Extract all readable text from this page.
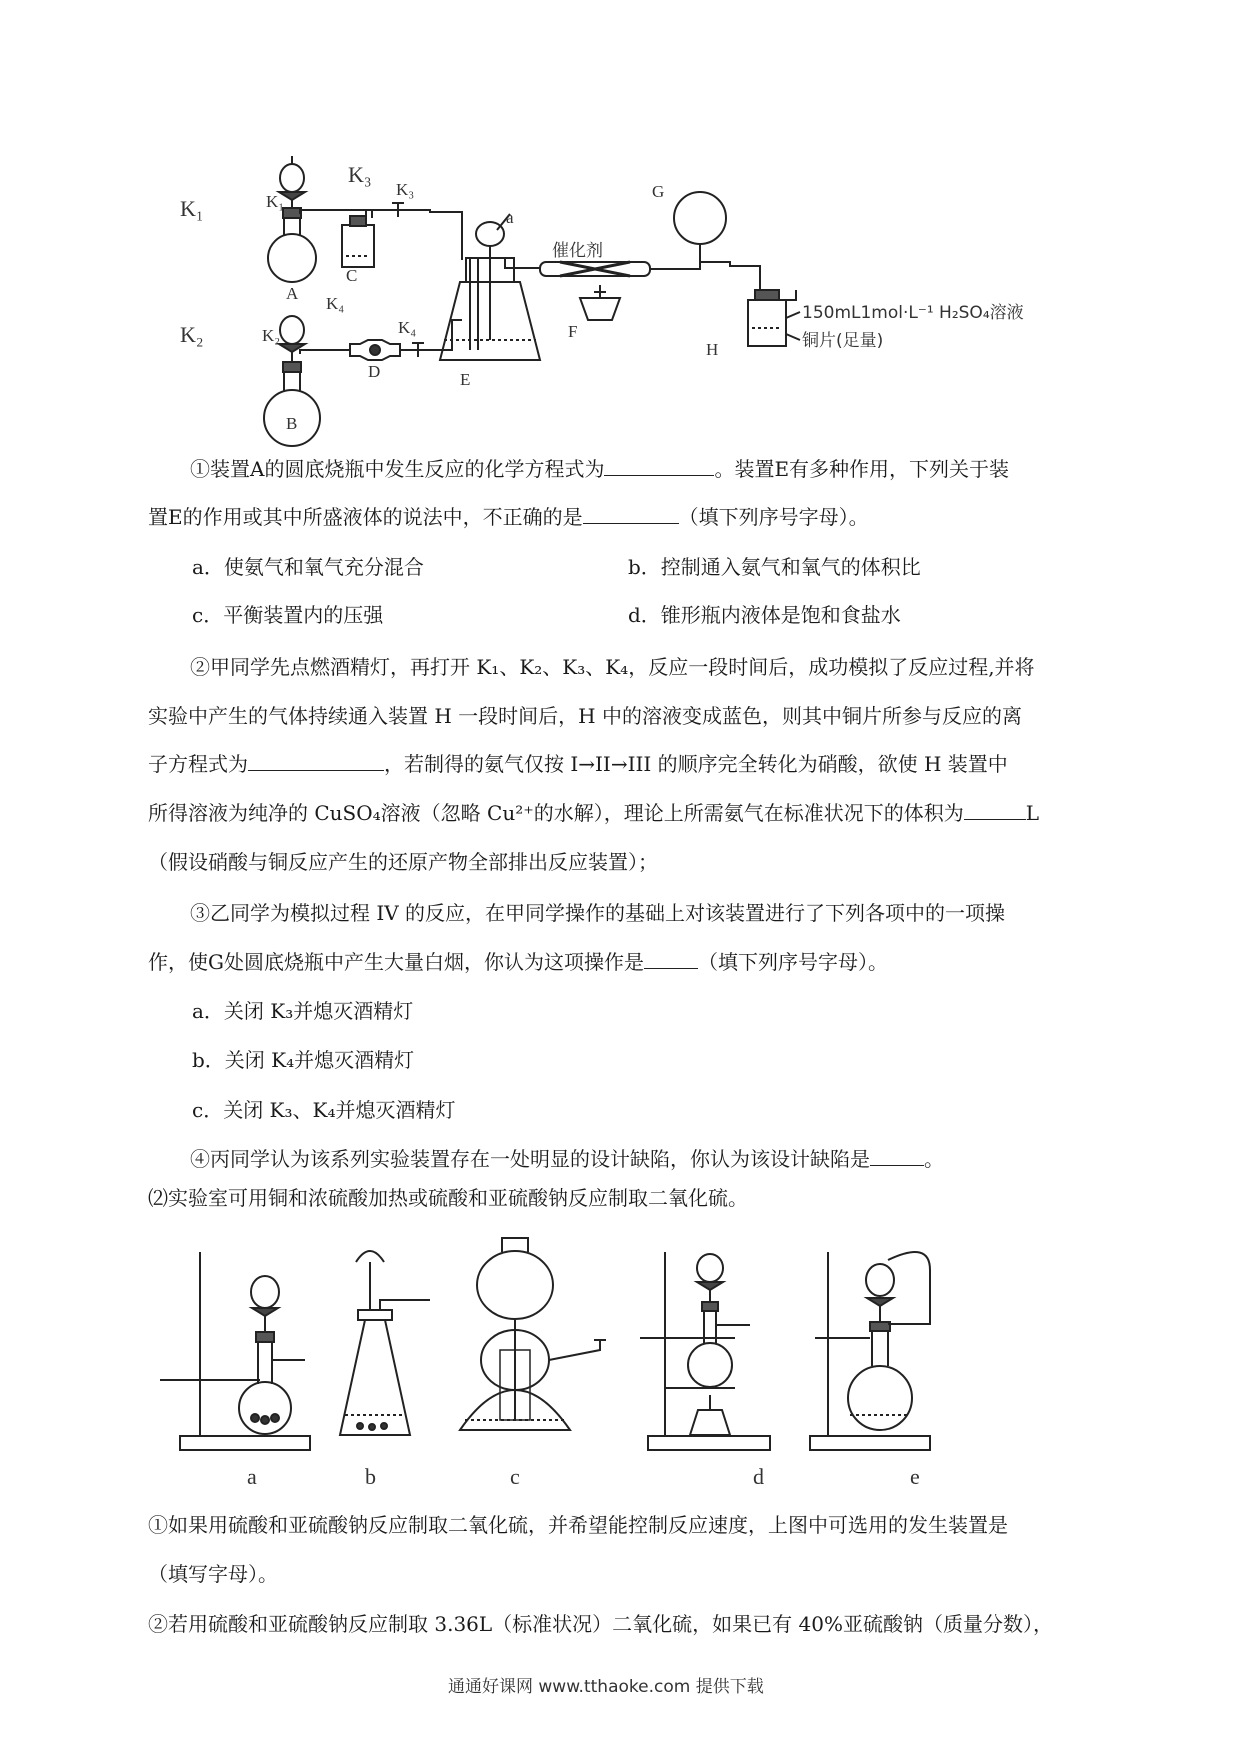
K₁
K₂
K₃
K₄
K₁
K₂
K₃
K₄
A
C
B
D	E
a
催化剂
F
G
H
150mL1mol·L⁻¹ H₂SO₄溶液
铜片(足量)
①装置A的圆底烧瓶中发生反应的化学方程式为	。装置E有多种作用，下列关于装
置E的作用或其中所盛液体的说法中，不正确的是	（填下列序号字母）。
a．使氨气和氧气充分混合	b．控制通入氨气和氧气的体积比
c．平衡装置内的压强	d．锥形瓶内液体是饱和食盐水
②甲同学先点燃酒精灯，再打开 K₁、K₂、K₃、K₄，反应一段时间后，成功模拟了反应过程,并将
实验中产生的气体持续通入装置 H 一段时间后，H 中的溶液变成蓝色，则其中铜片所参与反应的离
子方程式为	，若制得的氨气仅按 I→II→III 的顺序完全转化为硝酸，欲使 H 装置中
所得溶液为纯净的 CuSO₄溶液（忽略 Cu²⁺的水解），理论上所需氨气在标准状况下的体积为	L
（假设硝酸与铜反应产生的还原产物全部排出反应装置）；
③乙同学为模拟过程 IV 的反应，在甲同学操作的基础上对该装置进行了下列各项中的一项操
作，使G处圆底烧瓶中产生大量白烟，你认为这项操作是	（填下列序号字母）。
a．关闭 K₃并熄灭酒精灯
b．关闭 K₄并熄灭酒精灯
c．关闭 K₃、K₄并熄灭酒精灯
④丙同学认为该系列实验装置存在一处明显的设计缺陷，你认为该设计缺陷是	。
⑵实验室可用铜和浓硫酸加热或硫酸和亚硫酸钠反应制取二氧化硫。
a	b	c	d	e
①如果用硫酸和亚硫酸钠反应制取二氧化硫，并希望能控制反应速度，上图中可选用的发生装置是
（填写字母）。
②若用硫酸和亚硫酸钠反应制取 3.36L（标准状况）二氧化硫，如果已有 40%亚硫酸钠（质量分数），
通通好课网 www.tthaoke.com 提供下载
